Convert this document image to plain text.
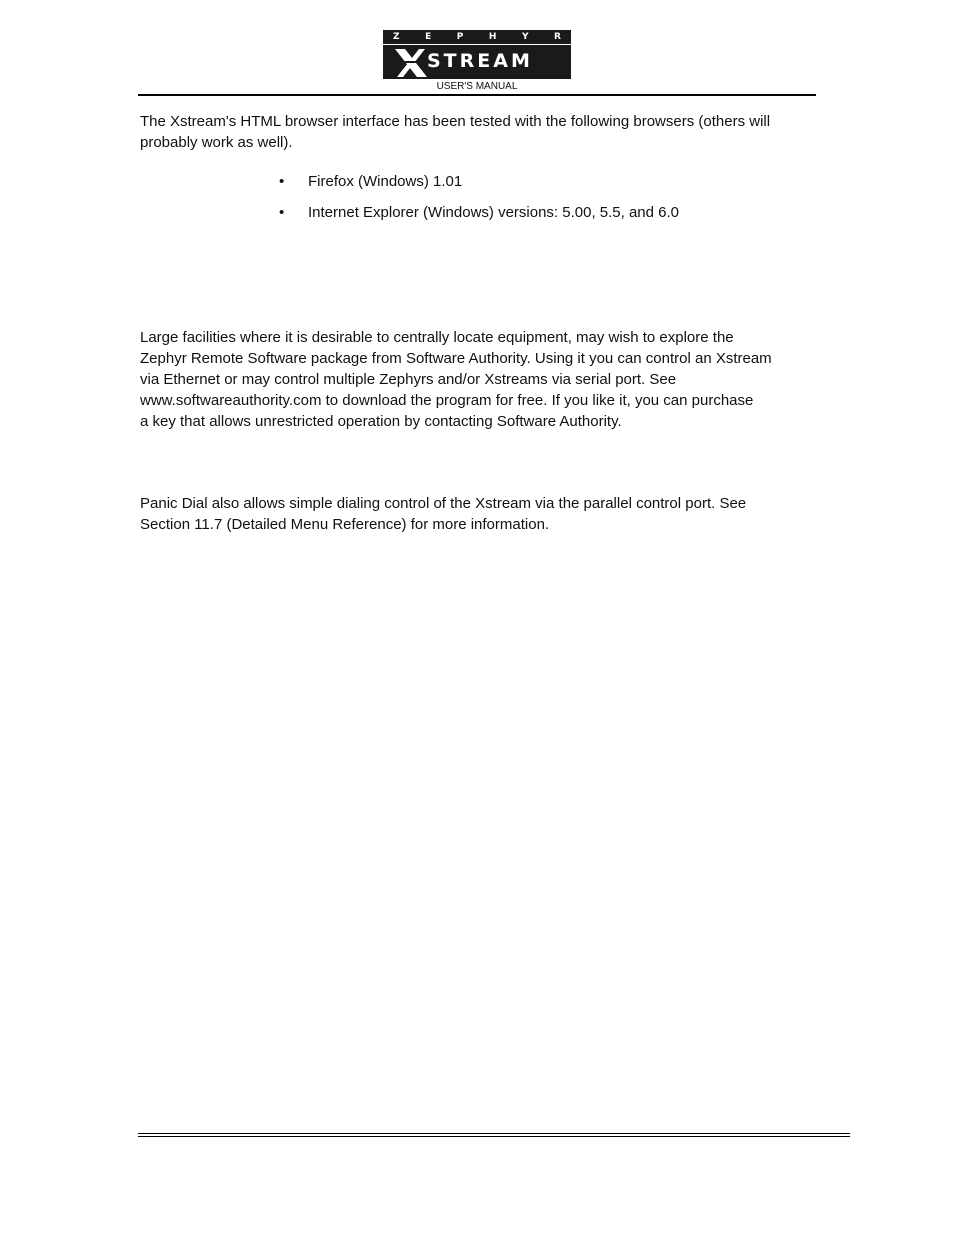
Z	E	P	H	Y	R
STREAM
USER'S MANUAL

The Xstream's HTML browser interface has been tested with the following browsers (others will
probably work as well).

• Firefox (Windows) 1.01
• Internet Explorer (Windows) versions: 5.00, 5.5, and 6.0

Large facilities where it is desirable to centrally locate equipment, may wish to explore the
Zephyr Remote Software package from Software Authority. Using it you can control an Xstream
via Ethernet or may control multiple Zephyrs and/or Xstreams via serial port. See
www.softwareauthority.com to download the program for free. If you like it, you can purchase
a key that allows unrestricted operation by contacting Software Authority.

Panic Dial also allows simple dialing control of the Xstream via the parallel control port. See
Section 11.7 (Detailed Menu Reference) for more information.
